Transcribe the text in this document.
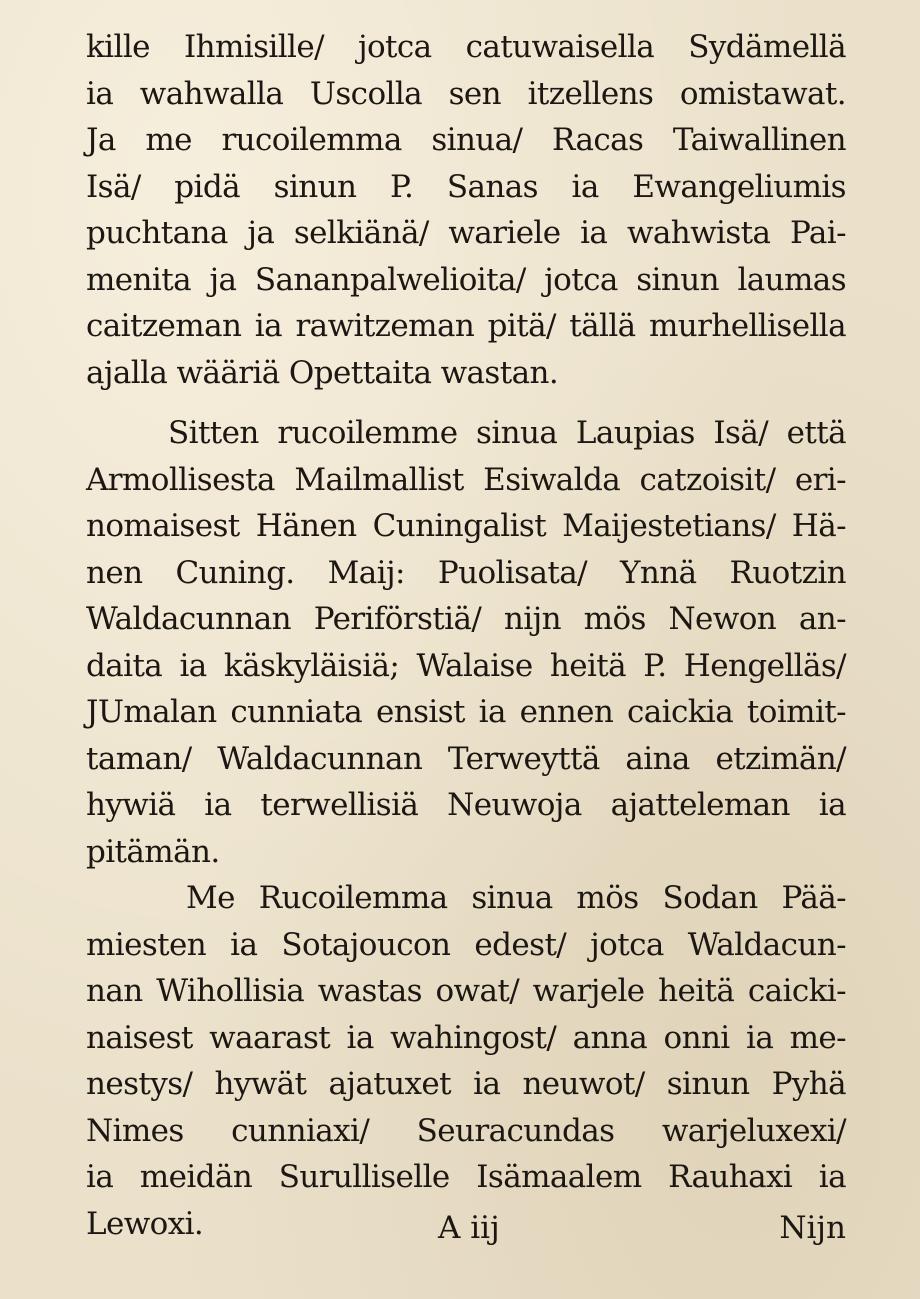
kille Ihmisille/ jotca catuwaisella Sydämellä
ia wahwalla Uscolla sen itzellens omistawat.
Ja me rucoilemma sinua/ Racas Taiwallinen
Isä/ pidä sinun P. Sanas ia Ewangeliumis
puchtana ja selkiänä/ wariele ia wahwista Pai-
menita ja Sananpalwelioita/ jotca sinun laumas
caitzeman ia rawitzeman pitä/ tällä murhellisella
ajalla wääriä Opettaita wastan.
Sitten rucoilemme sinua Laupias Isä/ että
Armollisesta Mailmallist Esiwalda catzoisit/ eri-
nomaisest Hänen Cuningalist Maijestetians/ Hä-
nen Cuning. Maij: Puolisata/ Ynnä Ruotzin
Waldacunnan Periförstiä/ nijn mös Newon an-
daita ia käskyläisiä; Walaise heitä P. Hengelläs/
JUmalan cunniata ensist ia ennen caickia toimit-
taman/ Waldacunnan Terweyttä aina etzimän/
hywiä ia terwellisiä Neuwoja ajatteleman ia
pitämän.
Me Rucoilemma sinua mös Sodan Pää-
miesten ia Sotajoucon edest/ jotca Waldacun-
nan Wihollisia wastas owat/ warjele heitä caicki-
naisest waarast ia wahingost/ anna onni ia me-
nestys/ hywät ajatuxet ia neuwot/ sinun Pyhä
Nimes cunniaxi/ Seuracundas warjeluxexi/
ia meidän Surulliselle Isämaalem Rauhaxi ia
Lewoxi.	A iij	Nijn
